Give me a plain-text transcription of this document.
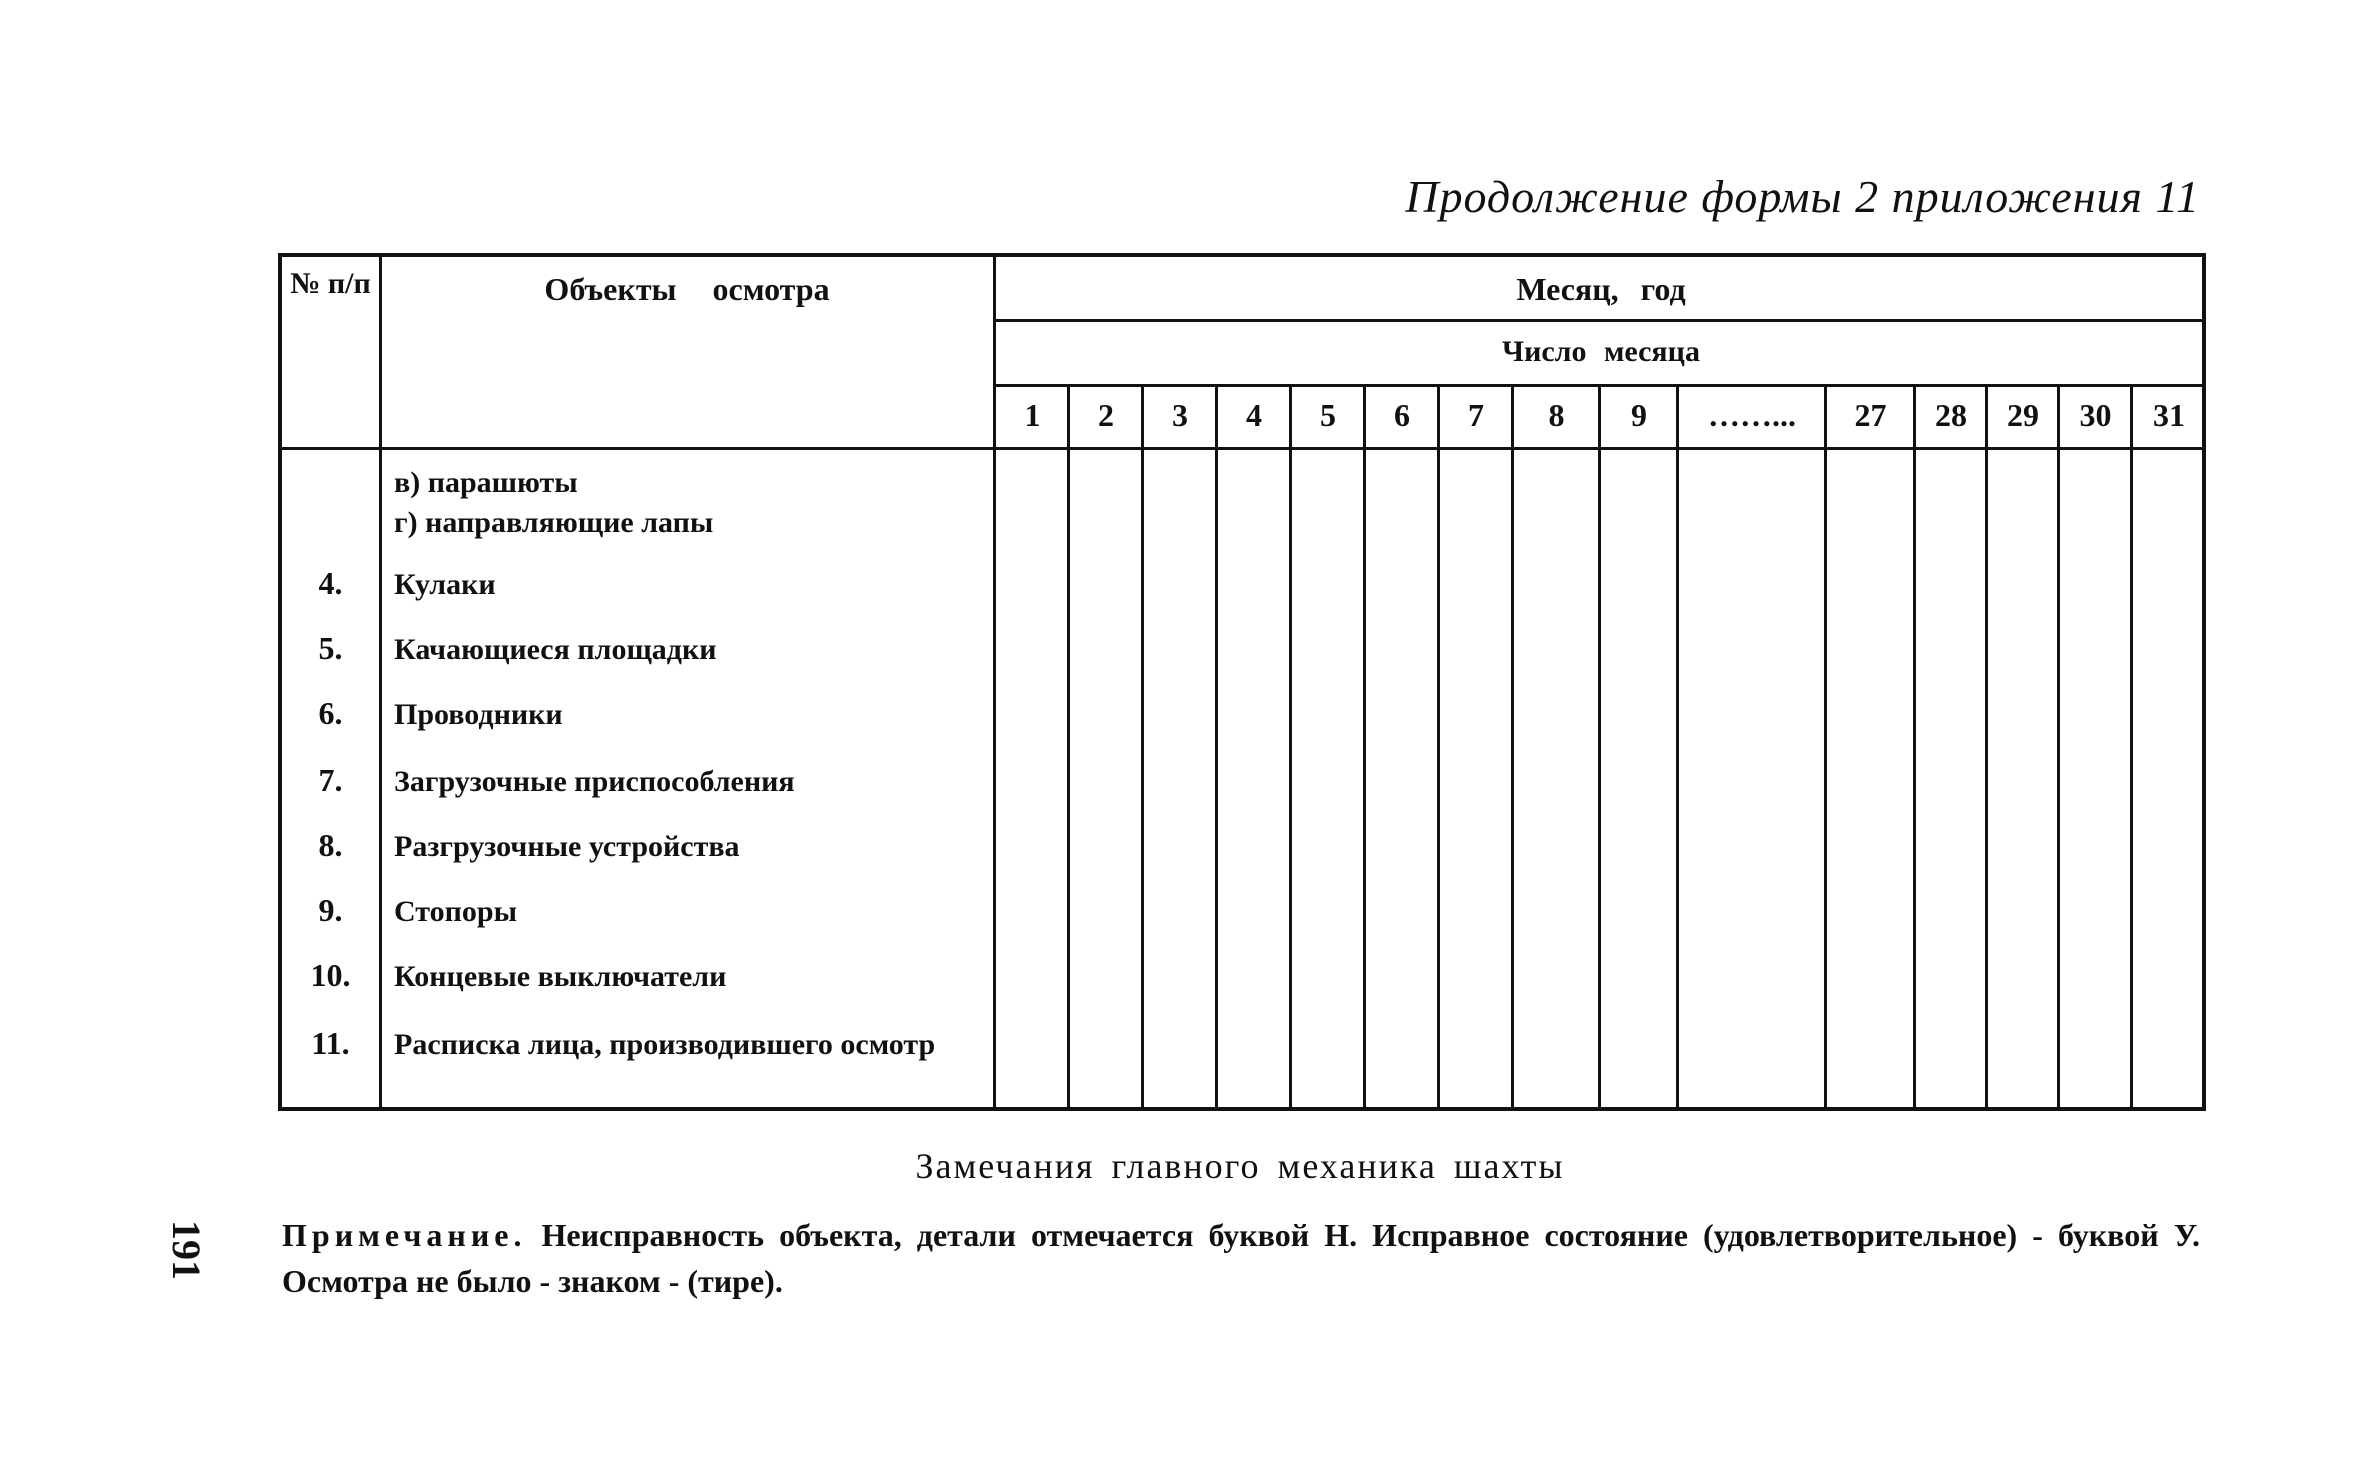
Продолжение формы 2 приложения 11
191
№ п/п	Объекты осмотра	Месяц, год
Число месяца
1	2	3	4	5	6	7	8	9	……...	27	28	29	30	31
в) парашюты
г) направляющие лапы
4.	Кулаки
5.	Качающиеся площадки
6.	Проводники
7.	Загрузочные приспособления
8.	Разгрузочные устройства
9.	Стопоры
10.	Концевые выключатели
11.	Расписка лица, производившего осмотр
Замечания главного механика шахты
Примечание. Неисправность объекта, детали отмечается буквой Н. Исправное состояние (удовлетворительное) - буквой У. Осмотра не было - знаком - (тире).
